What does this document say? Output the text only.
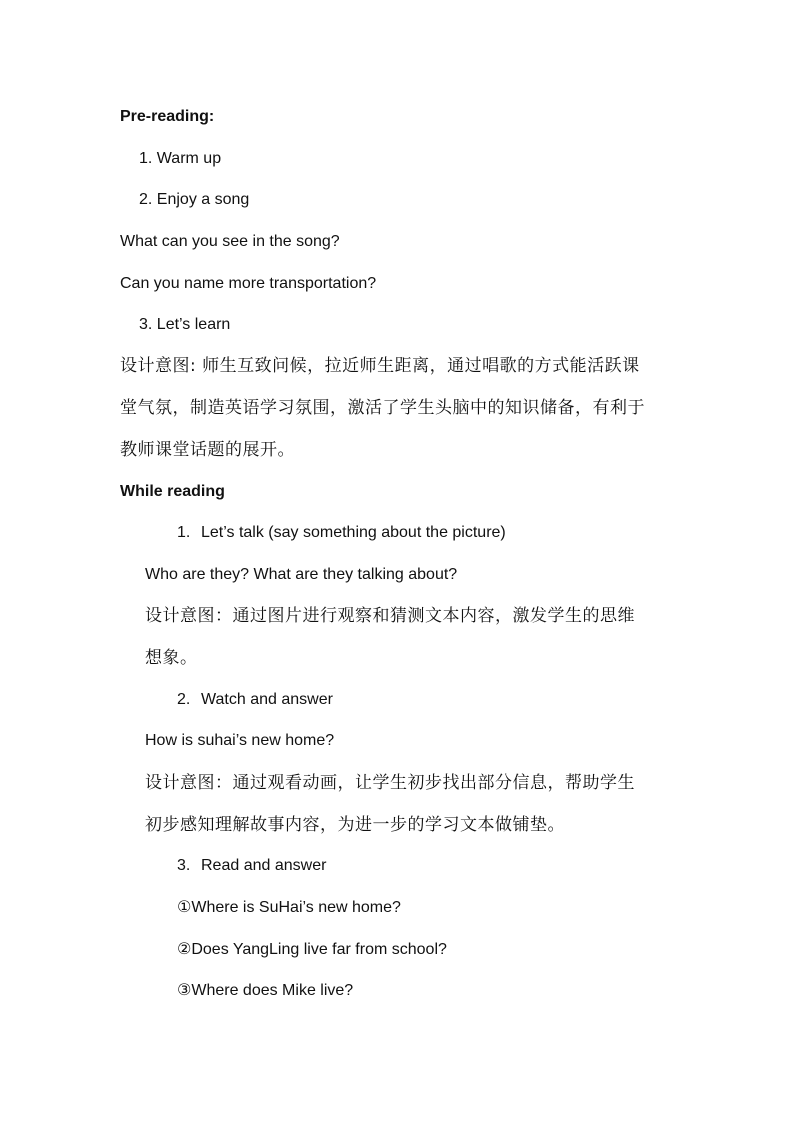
Pre-reading:
1. Warm up
2. Enjoy a song
What can you see in the song?
Can you name more transportation?
3. Let’s learn
设计意图: 师生互致问候，拉近师生距离，通过唱歌的方式能活跃课
堂气氛，制造英语学习氛围，激活了学生头脑中的知识储备，有利于
教师课堂话题的展开。
While reading
1. Let’s talk (say something about the picture)
Who are they? What are they talking about?
设计意图：通过图片进行观察和猜测文本内容，激发学生的思维
想象。
2. Watch and answer
How is suhai’s new home?
设计意图：通过观看动画，让学生初步找出部分信息，帮助学生
初步感知理解故事内容，为进一步的学习文本做铺垫。
3. Read and answer
①Where is SuHai’s new home?
②Does YangLing live far from school?
③Where does Mike live?
